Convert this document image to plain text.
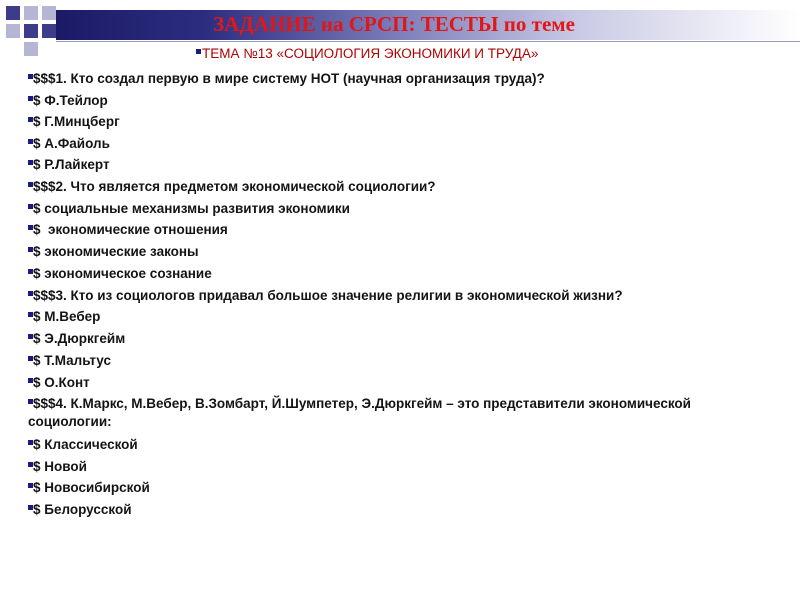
ЗАДАНИЕ на СРСП: ТЕСТЫ по теме
ТЕМА №13 «СОЦИОЛОГИЯ ЭКОНОМИКИ И ТРУДА»
$$$1. Кто создал первую в мире систему НОТ (научная организация труда)?
$ Ф.Тейлор
$ Г.Минцберг
$ А.Файоль
$ Р.Лайкерт
$$$2. Что является предметом экономической социологии?
$ социальные механизмы развития экономики
$  экономические отношения
$ экономические законы
$ экономическое сознание
$$$3. Кто из социологов придавал большое значение религии в экономической жизни?
$ М.Вебер
$ Э.Дюркгейм
$ Т.Мальтус
$ О.Конт
$$$4. К.Маркс, М.Вебер, В.Зомбарт, Й.Шумпетер, Э.Дюркгейм – это представители экономической социологии:
$ Классической
$ Новой
$ Новосибирской
$ Белорусской
